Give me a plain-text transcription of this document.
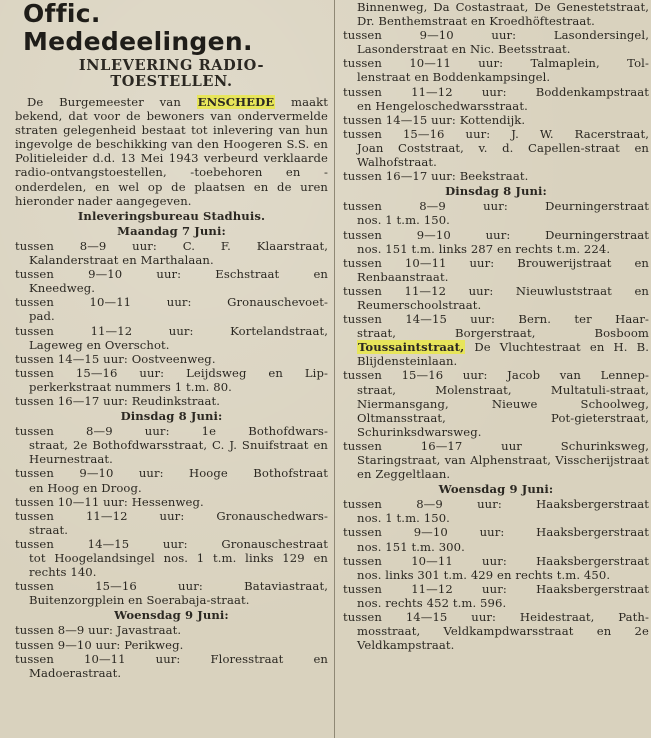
Offic. Mededeelingen.
INLEVERING RADIO-
TOESTELLEN.
De Burgemeester van ENSCHEDE maakt bekend, dat voor de bewoners van ondervermelde straten gelegenheid bestaat tot inlevering van hun ingevolge de beschikking van den Hoogeren S.S. en Politieleider d.d. 13 Mei 1943 verbeurd verklaarde radio-ontvangstoestellen, -toebehoren en -onderdelen, en wel op de plaatsen en de uren hieronder nader aangegeven.
Inleveringsbureau Stadhuis.
Maandag 7 Juni:

tussen 8—9 uur: C. F. Klaarstraat,

Kalanderstraat en Marthalaan.

tussen 9—10 uur: Eschstraat en

Kneedweg.

tussen 10—11 uur: Gronauschevoet-

pad.

tussen 11—12 uur: Kortelandstraat,

Lageweg en Overschot.

tussen 14—15 uur: Oostveenweg.

tussen 15—16 uur: Leijdsweg en Lip-

perkerkstraat nummers 1 t.m. 80.

tussen 16—17 uur: Reudinkstraat.

Dinsdag 8 Juni:

tussen 8—9 uur: 1e Bothofdwars-

straat, 2e Bothofdwarsstraat, C. J. Snuifstraat en Heurnestraat.

tussen 9—10 uur: Hooge Bothofstraat

en Hoog en Droog.

tussen 10—11 uur: Hessenweg.

tussen 11—12 uur: Gronauschedwars-

straat.

tussen 14—15 uur: Gronauschestraat

tot Hoogelandsingel nos. 1 t.m. links 129 en rechts 140.

tussen 15—16 uur: Bataviastraat,

Buitenzorgplein en Soerabaja-straat.

Woensdag 9 Juni:

tussen 8—9 uur: Javastraat.

tussen 9—10 uur: Perikweg.

tussen 10—11 uur: Floresstraat en

Madoerastraat.

Binnenweg, Da Costastraat, De Genestetstraat, Dr. Benthemstraat en Kroedhöftestraat.

tussen 9—10 uur: Lasondersingel,

Lasonderstraat en Nic. Beetsstraat.

tussen 10—11 uur: Talmaplein, Tol-

lenstraat en Boddenkampsingel.

tussen 11—12 uur: Boddenkampstraat

en Hengeloschedwarsstraat.

tussen 14—15 uur: Kottendijk.

tussen 15—16 uur: J. W. Racerstraat,

Joan Coststraat, v. d. Capellen-straat en Walhofstraat.

tussen 16—17 uur: Beekstraat.

Dinsdag 8 Juni:

tussen 8—9 uur: Deurningerstraat

nos. 1 t.m. 150.

tussen 9—10 uur: Deurningerstraat

nos. 151 t.m. links 287 en rechts t.m. 224.

tussen 10—11 uur: Brouwerijstraat en

Renbaanstraat.

tussen 11—12 uur: Nieuwluststraat en

Reumerschoolstraat.

tussen 14—15 uur: Bern. ter Haar-

straat, Borgerstraat, Bosboom Toussaintstraat, De Vluchtestraat en H. B. Blijdensteinlaan.

tussen 15—16 uur: Jacob van Lennep-

straat, Molenstraat, Multatuli-straat, Niermansgang, Nieuwe Schoolweg, Oltmansstraat, Pot-gieterstraat, Schurinksdwarsweg.

tussen 16—17 uur Schurinksweg,

Staringstraat, van Alphenstraat, Visscherijstraat en Zeggeltlaan.

Woensdag 9 Juni:

tussen 8—9 uur: Haaksbergerstraat

nos. 1 t.m. 150.

tussen 9—10 uur: Haaksbergerstraat

nos. 151 t.m. 300.

tussen 10—11 uur: Haaksbergerstraat

nos. links 301 t.m. 429 en rechts t.m. 450.

tussen 11—12 uur: Haaksbergerstraat

nos. rechts 452 t.m. 596.

tussen 14—15 uur: Heidestraat, Path-

mosstraat, Veldkampdwarsstraat en 2e Veldkampstraat.
